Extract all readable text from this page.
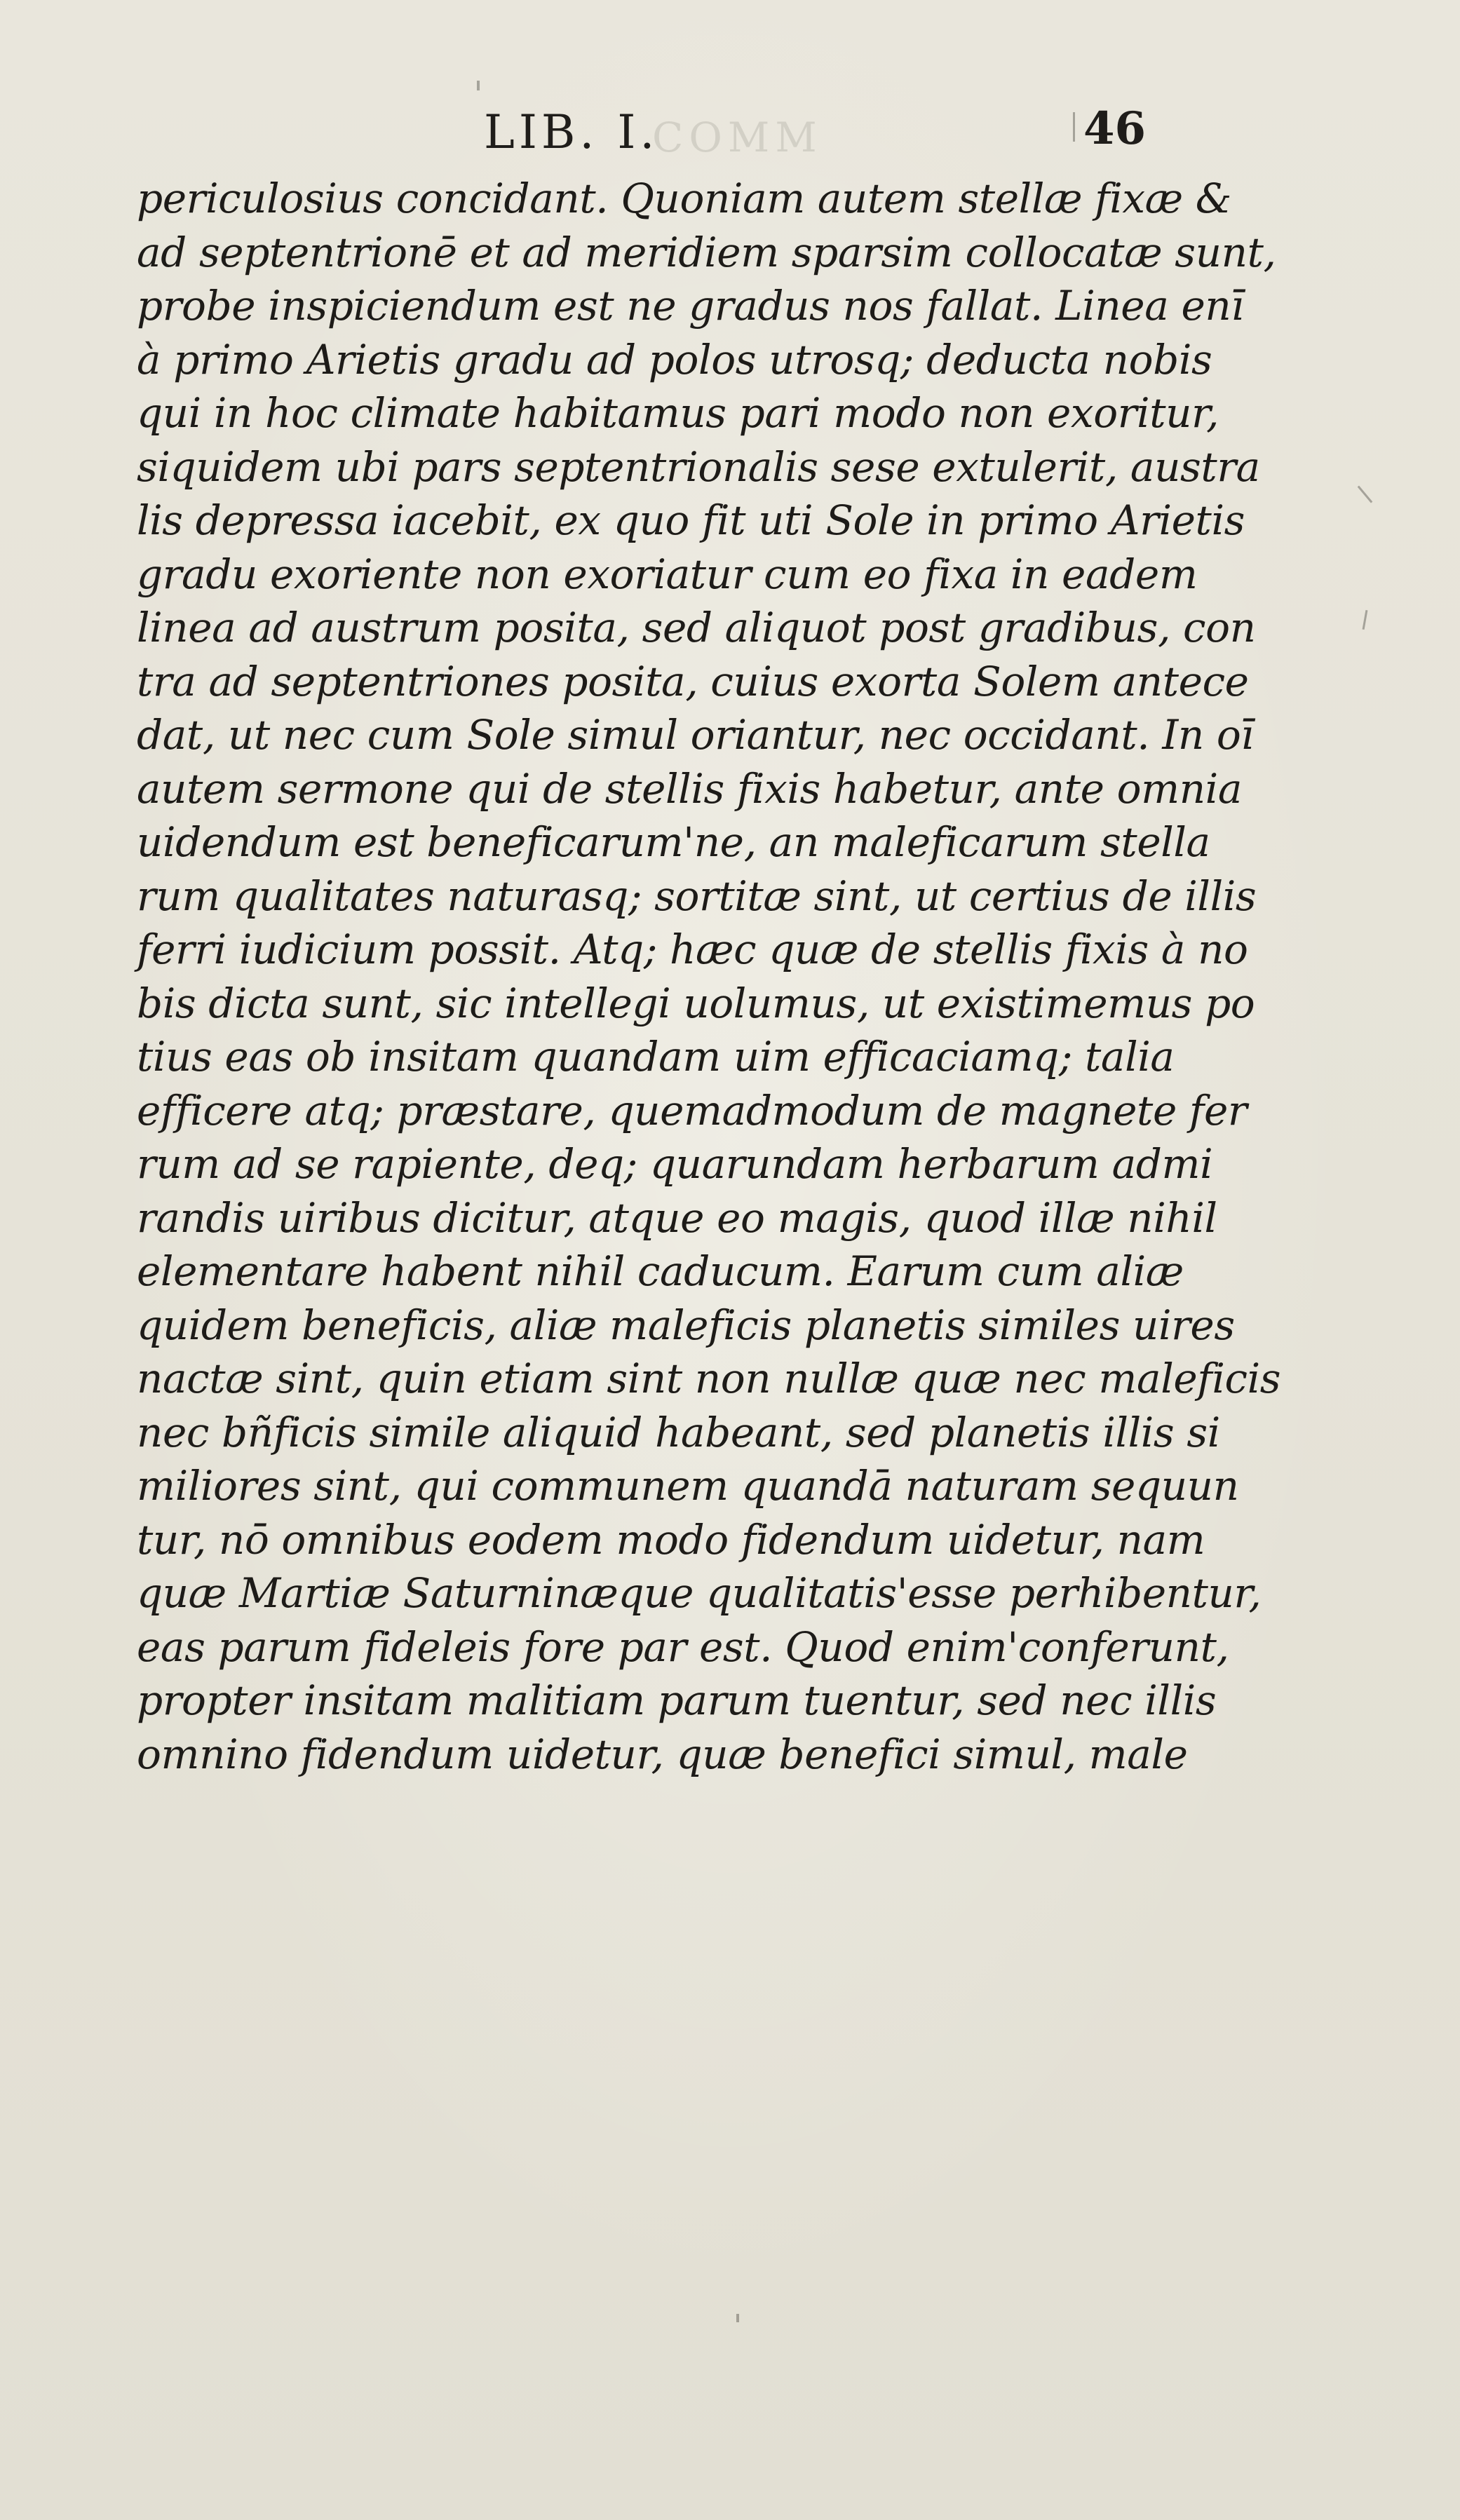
COMM
LIB. I.	46
periculosius concidant. Quoniam autem stellæ fixæ &
ad septentrionē et ad meridiem sparsim collocatæ sunt,
probe inspiciendum est ne gradus nos fallat. Linea enī
à primo Arietis gradu ad polos utrosq; deducta nobis
qui in hoc climate habitamus pari modo non exoritur,
siquidem ubi pars septentrionalis sese extulerit, austra
lis depressa iacebit, ex quo fit uti Sole in primo Arietis
gradu exoriente non exoriatur cum eo fixa in eadem
linea ad austrum posita, sed aliquot post gradibus, con
tra ad septentriones posita, cuius exorta Solem antece
dat, ut nec cum Sole simul oriantur, nec occidant. In oī
autem sermone qui de stellis fixis habetur, ante omnia
uidendum est beneficarum'ne, an maleficarum stella
rum qualitates naturasq; sortitæ sint, ut certius de illis
ferri iudicium possit. Atq; hæc quæ de stellis fixis à no
bis dicta sunt, sic intellegi uolumus, ut existimemus po
tius eas ob insitam quandam uim efficaciamq; talia
efficere atq; præstare, quemadmodum de magnete fer
rum ad se rapiente, deq; quarundam herbarum admi
randis uiribus dicitur, atque eo magis, quod illæ nihil
elementare habent nihil caducum. Earum cum aliæ
quidem beneficis, aliæ maleficis planetis similes uires
nactæ sint, quin etiam sint non nullæ quæ nec maleficis
nec bñficis simile aliquid habeant, sed planetis illis si
miliores sint, qui communem quandā naturam sequun
tur, nō omnibus eodem modo fidendum uidetur, nam
quæ Martiæ Saturninæque qualitatis'esse perhibentur,
eas parum fideleis fore par est. Quod enim'conferunt,
propter insitam malitiam parum tuentur, sed nec illis
omnino fidendum uidetur, quæ benefici simul, male
